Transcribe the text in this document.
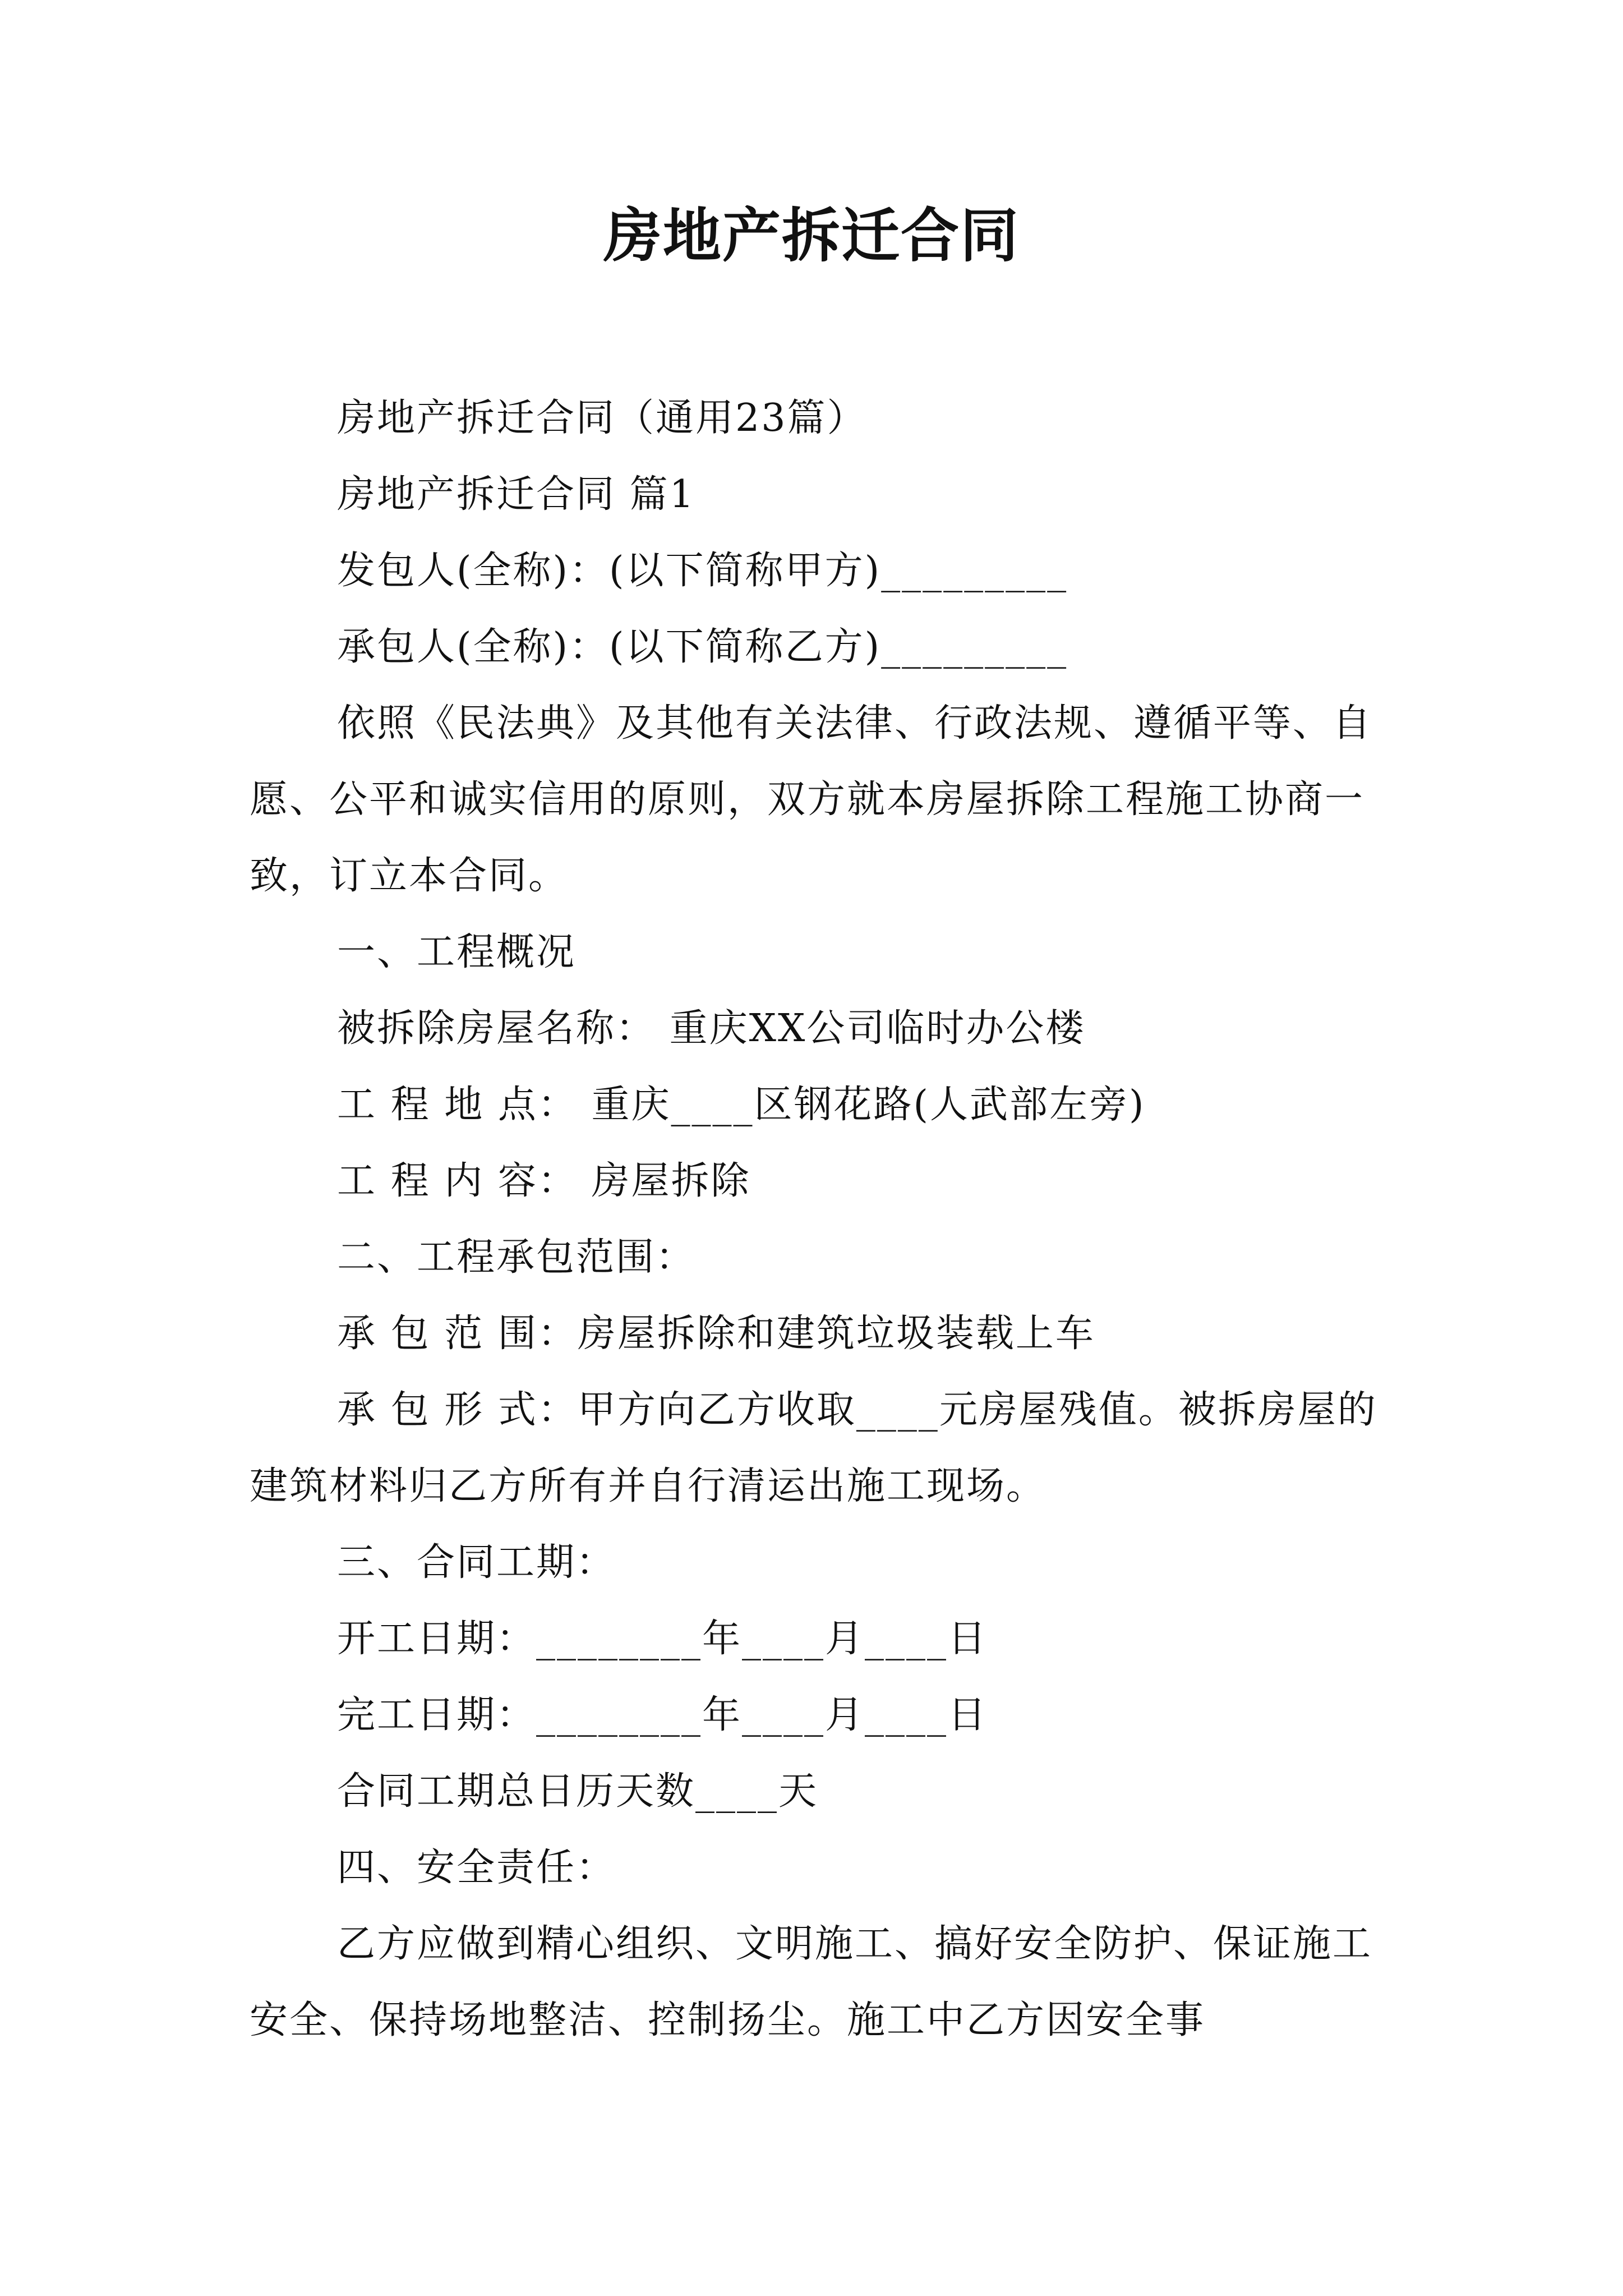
房地产拆迁合同

房地产拆迁合同（通用23篇）

房地产拆迁合同 篇1

发包人(全称)：(以下简称甲方)_________

承包人(全称)：(以下简称乙方)_________

依照《民法典》及其他有关法律、行政法规、遵循平等、自愿、公平和诚实信用的原则，双方就本房屋拆除工程施工协商一致，订立本合同。

一、工程概况

被拆除房屋名称： 重庆XX公司临时办公楼

工 程 地 点： 重庆____区钢花路(人武部左旁)

工 程 内 容： 房屋拆除

二、工程承包范围：

承 包 范 围：房屋拆除和建筑垃圾装载上车

承 包 形 式：甲方向乙方收取____元房屋残值。被拆房屋的建筑材料归乙方所有并自行清运出施工现场。

三、合同工期：

开工日期：________年____月____日

完工日期：________年____月____日

合同工期总日历天数____天

四、安全责任：

乙方应做到精心组织、文明施工、搞好安全防护、保证施工安全、保持场地整洁、控制扬尘。施工中乙方因安全事
